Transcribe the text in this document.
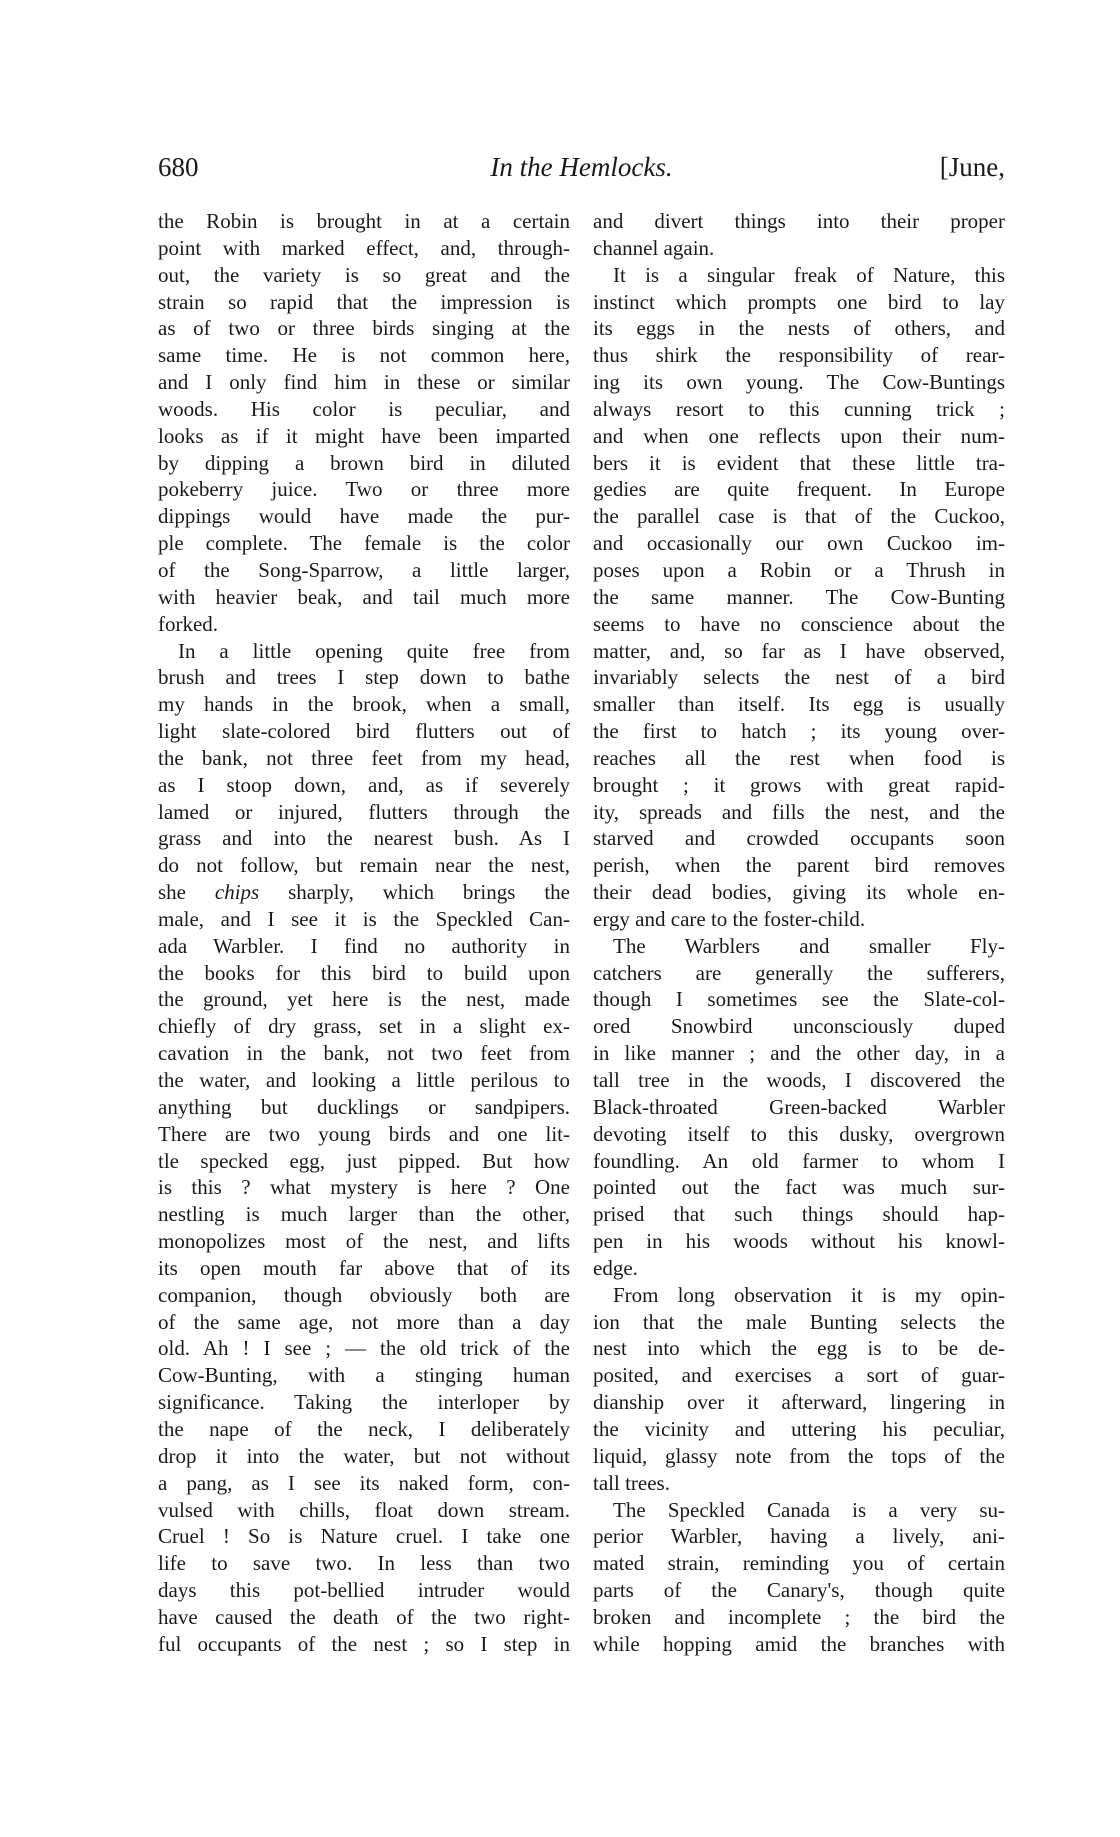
680	In the Hemlocks.	[June,
the Robin is brought in at a certain
point with marked effect, and, through-
out, the variety is so great and the
strain so rapid that the impression is
as of two or three birds singing at the
same time. He is not common here,
and I only find him in these or similar
woods. His color is peculiar, and
looks as if it might have been imparted
by dipping a brown bird in diluted
pokeberry juice. Two or three more
dippings would have made the pur-
ple complete. The female is the color
of the Song-Sparrow, a little larger,
with heavier beak, and tail much more
forked.
In a little opening quite free from
brush and trees I step down to bathe
my hands in the brook, when a small,
light slate-colored bird flutters out of
the bank, not three feet from my head,
as I stoop down, and, as if severely
lamed or injured, flutters through the
grass and into the nearest bush. As I
do not follow, but remain near the nest,
she chips sharply, which brings the
male, and I see it is the Speckled Can-
ada Warbler. I find no authority in
the books for this bird to build upon
the ground, yet here is the nest, made
chiefly of dry grass, set in a slight ex-
cavation in the bank, not two feet from
the water, and looking a little perilous to
anything but ducklings or sandpipers.
There are two young birds and one lit-
tle specked egg, just pipped. But how
is this ? what mystery is here ? One
nestling is much larger than the other,
monopolizes most of the nest, and lifts
its open mouth far above that of its
companion, though obviously both are
of the same age, not more than a day
old. Ah ! I see ; — the old trick of the
Cow-Bunting, with a stinging human
significance. Taking the interloper by
the nape of the neck, I deliberately
drop it into the water, but not without
a pang, as I see its naked form, con-
vulsed with chills, float down stream.
Cruel ! So is Nature cruel. I take one
life to save two. In less than two
days this pot-bellied intruder would
have caused the death of the two right-
ful occupants of the nest ; so I step in
and divert things into their proper
channel again.
It is a singular freak of Nature, this
instinct which prompts one bird to lay
its eggs in the nests of others, and
thus shirk the responsibility of rear-
ing its own young. The Cow-Buntings
always resort to this cunning trick ;
and when one reflects upon their num-
bers it is evident that these little tra-
gedies are quite frequent. In Europe
the parallel case is that of the Cuckoo,
and occasionally our own Cuckoo im-
poses upon a Robin or a Thrush in
the same manner. The Cow-Bunting
seems to have no conscience about the
matter, and, so far as I have observed,
invariably selects the nest of a bird
smaller than itself. Its egg is usually
the first to hatch ; its young over-
reaches all the rest when food is
brought ; it grows with great rapid-
ity, spreads and fills the nest, and the
starved and crowded occupants soon
perish, when the parent bird removes
their dead bodies, giving its whole en-
ergy and care to the foster-child.
The Warblers and smaller Fly-
catchers are generally the sufferers,
though I sometimes see the Slate-col-
ored Snowbird unconsciously duped
in like manner ; and the other day, in a
tall tree in the woods, I discovered the
Black-throated Green-backed Warbler
devoting itself to this dusky, overgrown
foundling. An old farmer to whom I
pointed out the fact was much sur-
prised that such things should hap-
pen in his woods without his knowl-
edge.
From long observation it is my opin-
ion that the male Bunting selects the
nest into which the egg is to be de-
posited, and exercises a sort of guar-
dianship over it afterward, lingering in
the vicinity and uttering his peculiar,
liquid, glassy note from the tops of the
tall trees.
The Speckled Canada is a very su-
perior Warbler, having a lively, ani-
mated strain, reminding you of certain
parts of the Canary's, though quite
broken and incomplete ; the bird the
while hopping amid the branches with
